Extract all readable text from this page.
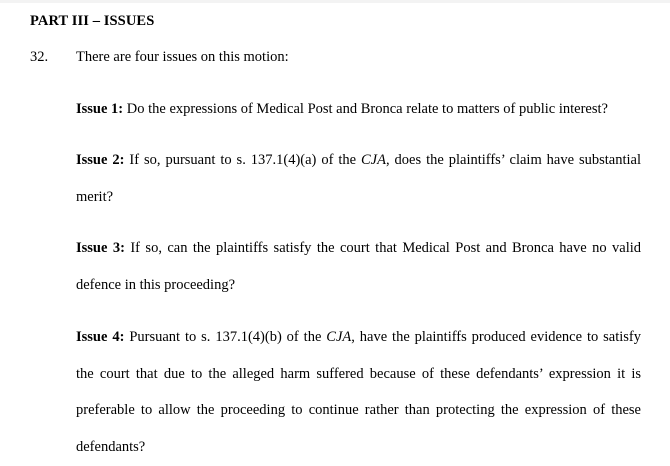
PART III – ISSUES
32. There are four issues on this motion:
Issue 1: Do the expressions of Medical Post and Bronca relate to matters of public interest?
Issue 2: If so, pursuant to s. 137.1(4)(a) of the CJA, does the plaintiffs’ claim have substantial merit?
Issue 3: If so, can the plaintiffs satisfy the court that Medical Post and Bronca have no valid defence in this proceeding?
Issue 4: Pursuant to s. 137.1(4)(b) of the CJA, have the plaintiffs produced evidence to satisfy the court that due to the alleged harm suffered because of these defendants’ expression it is preferable to allow the proceeding to continue rather than protecting the expression of these defendants?
